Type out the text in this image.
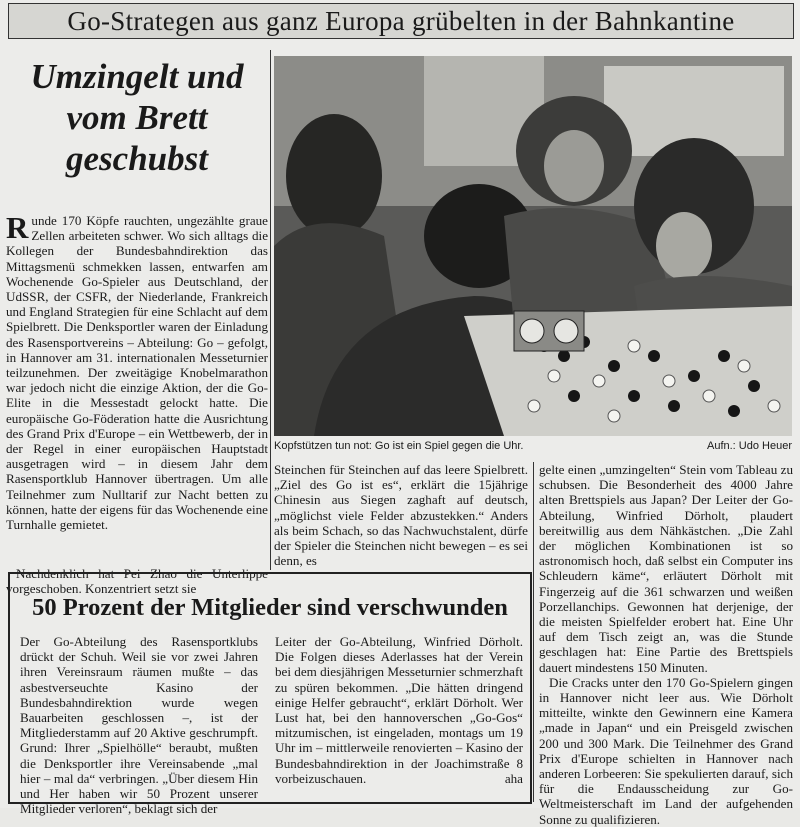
Go-Strategen aus ganz Europa grübelten in der Bahnkantine
Umzingelt und
vom Brett
geschubst

Runde 170 Köpfe rauchten, ungezählte graue Zellen arbeiteten schwer. Wo sich alltags die Kollegen der Bundesbahndirektion das Mittagsmenü schmekken lassen, entwarfen am Wochenende Go-Spieler aus Deutschland, der UdSSR, der CSFR, der Niederlande, Frankreich und England Strategien für eine Schlacht auf dem Spielbrett. Die Denksportler waren der Einladung des Rasensportvereins – Abteilung: Go – gefolgt, in Hannover am 31. internationalen Messeturnier teilzunehmen. Der zweitägige Knobelmarathon war jedoch nicht die einzige Aktion, der die Go-Elite in die Messestadt gelockt hatte. Die europäische Go-Föderation hatte die Ausrichtung des Grand Prix d'Europe – ein Wettbewerb, der in der Regel in einer europäischen Hauptstadt ausgetragen wird – in diesem Jahr dem Rasensportklub Hannover übertragen. Um alle Teilnehmer zum Nulltarif zur Nacht betten zu können, hatte der eigens für das Wochenende eine Turnhalle gemietet.

Nachdenklich hat Pei Zhao die Unterlippe vorgeschoben. Konzentriert setzt sie

Kopfstützen tun not: Go ist ein Spiel gegen die Uhr.	Aufn.: Udo Heuer

Steinchen für Steinchen auf das leere Spielbrett. „Ziel des Go ist es“, erklärt die 15jährige Chinesin aus Siegen zaghaft auf deutsch, „möglichst viele Felder abzustekken.“ Anders als beim Schach, so das Nachwuchstalent, dürfe der Spieler die Steinchen nicht bewegen – es sei denn, es

gelte einen „umzingelten“ Stein vom Tableau zu schubsen. Die Besonderheit des 4000 Jahre alten Brettspiels aus Japan? Der Leiter der Go-Abteilung, Winfried Dörholt, plaudert bereitwillig aus dem Nähkästchen. „Die Zahl der möglichen Kombinationen ist so astronomisch hoch, daß selbst ein Computer ins Schleudern käme“, erläutert Dörholt mit Fingerzeig auf die 361 schwarzen und weißen Porzellanchips. Gewonnen hat derjenige, der die meisten Spielfelder erobert hat. Eine Uhr auf dem Tisch zeigt an, was die Stunde geschlagen hat: Eine Partie des Brettspiels dauert mindestens 150 Minuten.

Die Cracks unter den 170 Go-Spielern gingen in Hannover nicht leer aus. Wie Dörholt mitteilte, winkte den Gewinnern eine Kamera „made in Japan“ und ein Preisgeld zwischen 200 und 300 Mark. Die Teilnehmer des Grand Prix d'Europe schielten in Hannover nach anderen Lorbeeren: Sie spekulierten darauf, sich für die Endausscheidung zur Go-Weltmeisterschaft im Land der aufgehenden Sonne zu qualifizieren.

50 Prozent der Mitglieder sind verschwunden

Der Go-Abteilung des Rasensportklubs drückt der Schuh. Weil sie vor zwei Jahren ihren Vereinsraum räumen mußte – das asbestverseuchte Kasino der Bundesbahndirektion wurde wegen Bauarbeiten geschlossen –, ist der Mitgliederstamm auf 20 Aktive geschrumpft. Grund: Ihrer „Spielhölle“ beraubt, mußten die Denksportler ihre Vereinsabende „mal hier – mal da“ verbringen. „Über diesem Hin und Her haben wir 50 Prozent unserer Mitglieder verloren“, beklagt sich der

Leiter der Go-Abteilung, Winfried Dörholt. Die Folgen dieses Aderlasses hat der Verein bei dem diesjährigen Messeturnier schmerzhaft zu spüren bekommen. „Die hätten dringend einige Helfer gebraucht“, erklärt Dörholt. Wer Lust hat, bei den hannoverschen „Go-Gos“ mitzumischen, ist eingeladen, montags um 19 Uhr im – mittlerweile renovierten – Kasino der Bundesbahndirektion in der Joachimstraße 8 vorbeizuschauen.	aha
